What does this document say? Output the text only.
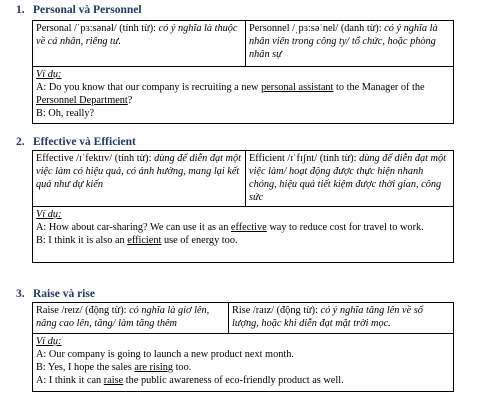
1. Personal và Personnel
Personal /ˈpɜːsənəl/ (tính từ): có ý nghĩa là thuộc về cá nhân, riêng tư.	Personnel /ˌpɜːsəˈnel/ (danh từ): có ý nghĩa là nhân viên trong công ty/ tổ chức, hoặc phòng nhân sự

Ví dụ:
A: Do you know that our company is recruiting a new personal assistant to the Manager of the Personnel Department?
B: Oh, really?
2. Effective và Efficient
Effective /ɪˈfektɪv/ (tính từ): dùng để diễn đạt một việc làm có hiệu quả, có ảnh hưởng, mang lại kết quả như dự kiến	Efficient /ɪˈfɪʃnt/ (tính từ): dùng để diễn đạt một việc làm/ hoạt động được thực hiện nhanh chóng, hiệu quả tiết kiệm được thời gian, công sức

Ví dụ:
A: How about car-sharing? We can use it as an effective way to reduce cost for travel to work.
B: I think it is also an efficient use of energy too.
3. Raise và rise
Raise /reɪz/ (động từ): có nghĩa là giơ lên, nâng cao lên, tăng/ làm tăng thêm	Rise /raɪz/ (động từ): có ý nghĩa tăng lên về số lượng, hoặc khi diễn đạt mặt trời mọc.

Ví dụ:
A: Our company is going to launch a new product next month.
B: Yes, I hope the sales are rising too.
A: I think it can raise the public awareness of eco-friendly product as well.
